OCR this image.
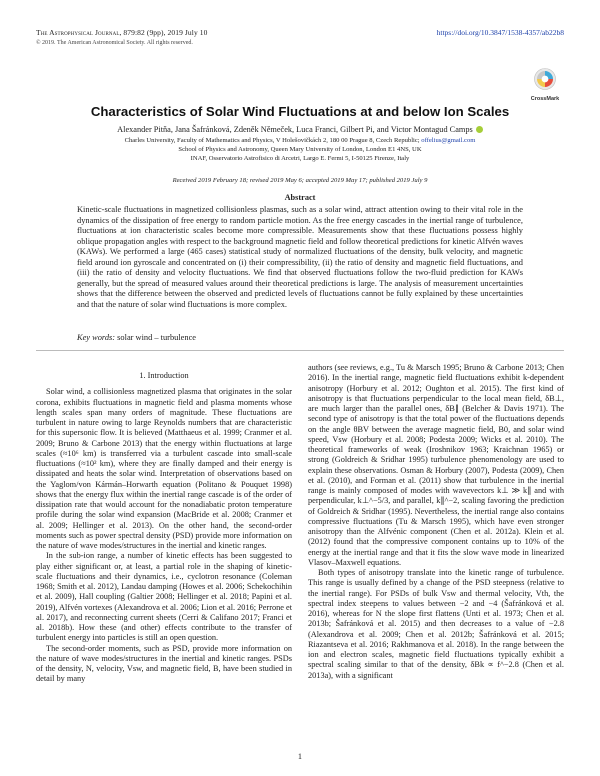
The Astrophysical Journal, 879:82 (9pp), 2019 July 10	https://doi.org/10.3847/1538-4357/ab22b8
© 2019. The American Astronomical Society. All rights reserved.
CrossMark
Characteristics of Solar Wind Fluctuations at and below Ion Scales
Alexander Pitňa, Jana Šafránková, Zdeněk Němeček, Luca Franci, Gilbert Pi, and Victor Montagud Camps
Charles University, Faculty of Mathematics and Physics, V Holešovičkách 2, 180 00 Prague 8, Czech Republic; offelius@gmail.com
School of Physics and Astronomy, Queen Mary University of London, London E1 4NS, UK
INAF, Osservatorio Astrofisico di Arcetri, Largo E. Fermi 5, I-50125 Firenze, Italy
Received 2019 February 18; revised 2019 May 6; accepted 2019 May 17; published 2019 July 9
Abstract
Kinetic-scale fluctuations in magnetized collisionless plasmas, such as a solar wind, attract attention owing to their vital role in the dynamics of the dissipation of free energy to random particle motion. As the free energy cascades in the inertial range of turbulence, fluctuations at ion characteristic scales become more compressible. Measurements show that these fluctuations possess highly oblique propagation angles with respect to the background magnetic field and follow theoretical predictions for kinetic Alfvén waves (KAWs). We performed a large (465 cases) statistical study of normalized fluctuations of the density, bulk velocity, and magnetic field around ion gyroscale and concentrated on (i) their compressibility, (ii) the ratio of density and magnetic field fluctuations, and (iii) the ratio of density and velocity fluctuations. We find that observed fluctuations follow the two-fluid prediction for KAWs generally, but the spread of measured values around their theoretical predictions is large. The analysis of measurement uncertainties shows that the difference between the observed and predicted levels of fluctuations cannot be fully explained by these uncertainties and that the nature of solar wind fluctuations is more complex.
Key words: solar wind – turbulence
1. Introduction

Solar wind, a collisionless magnetized plasma that originates in the solar corona, exhibits fluctuations in magnetic field and plasma moments whose length scales span many orders of magnitude. These fluctuations are turbulent in nature owing to large Reynolds numbers that are characteristic for this supersonic flow. It is believed (Matthaeus et al. 1999; Cranmer et al. 2009; Bruno & Carbone 2013) that the energy within fluctuations at large scales (≈10⁶ km) is transferred via a turbulent cascade into small-scale fluctuations (≈10² km), where they are finally damped and their energy is dissipated and heats the solar wind. Interpretation of observations based on the Yaglom/von Kármán–Horwarth equation (Politano & Pouquet 1998) shows that the energy flux within the inertial range cascade is of the order of dissipation rate that would account for the nonadiabatic proton temperature profile during the solar wind expansion (MacBride et al. 2008; Cranmer et al. 2009; Hellinger et al. 2013). On the other hand, the second-order moments such as power spectral density (PSD) provide more information on the nature of wave modes/structures in the inertial and kinetic ranges.

In the sub-ion range, a number of kinetic effects has been suggested to play either significant or, at least, a partial role in the shaping of kinetic-scale fluctuations and their dynamics, i.e., cyclotron resonance (Coleman 1968; Smith et al. 2012), Landau damping (Howes et al. 2006; Schekochihin et al. 2009), Hall coupling (Galtier 2008; Hellinger et al. 2018; Papini et al. 2019), Alfvén vortexes (Alexandrova et al. 2006; Lion et al. 2016; Perrone et al. 2017), and reconnecting current sheets (Cerri & Califano 2017; Franci et al. 2018b). How these (and other) effects contribute to the transfer of turbulent energy into particles is still an open question.

The second-order moments, such as PSD, provide more information on the nature of wave modes/structures in the inertial and kinetic ranges. PSDs of the density, N, velocity, Vsw, and magnetic field, B, have been studied in detail by many

authors (see reviews, e.g., Tu & Marsch 1995; Bruno & Carbone 2013; Chen 2016). In the inertial range, magnetic field fluctuations exhibit k-dependent anisotropy (Horbury et al. 2012; Oughton et al. 2015). The first kind of anisotropy is that fluctuations perpendicular to the local mean field, δB⊥, are much larger than the parallel ones, δB∥ (Belcher & Davis 1971). The second type of anisotropy is that the total power of the fluctuations depends on the angle θBV between the average magnetic field, B0, and solar wind speed, Vsw (Horbury et al. 2008; Podesta 2009; Wicks et al. 2010). The theoretical frameworks of weak (Iroshnikov 1963; Kraichnan 1965) or strong (Goldreich & Sridhar 1995) turbulence phenomenology are used to explain these observations. Osman & Horbury (2007), Podesta (2009), Chen et al. (2010), and Forman et al. (2011) show that turbulence in the inertial range is mainly composed of modes with wavevectors k⊥ ≫ k∥ and with perpendicular, k⊥^−5/3, and parallel, k∥^−2, scaling favoring the prediction of Goldreich & Sridhar (1995). Nevertheless, the inertial range also contains compressive fluctuations (Tu & Marsch 1995), which have even stronger anisotropy than the Alfvénic component (Chen et al. 2012a). Klein et al. (2012) found that the compressive component contains up to 10% of the energy at the inertial range and that it fits the slow wave mode in linearized Vlasov–Maxwell equations.

Both types of anisotropy translate into the kinetic range of turbulence. This range is usually defined by a change of the PSD steepness (relative to the inertial range). For PSDs of bulk Vsw and thermal velocity, Vth, the spectral index steepens to values between −2 and −4 (Šafránková et al. 2016), whereas for N the slope first flattens (Unti et al. 1973; Chen et al. 2013b; Šafránková et al. 2015) and then decreases to a value of −2.8 (Alexandrova et al. 2009; Chen et al. 2012b; Šafránková et al. 2015; Riazantseva et al. 2016; Rakhmanova et al. 2018). In the range between the ion and electron scales, magnetic field fluctuations typically exhibit a spectral scaling similar to that of the density, δBk ∝ f^−2.8 (Chen et al. 2013a), with a significant

1
